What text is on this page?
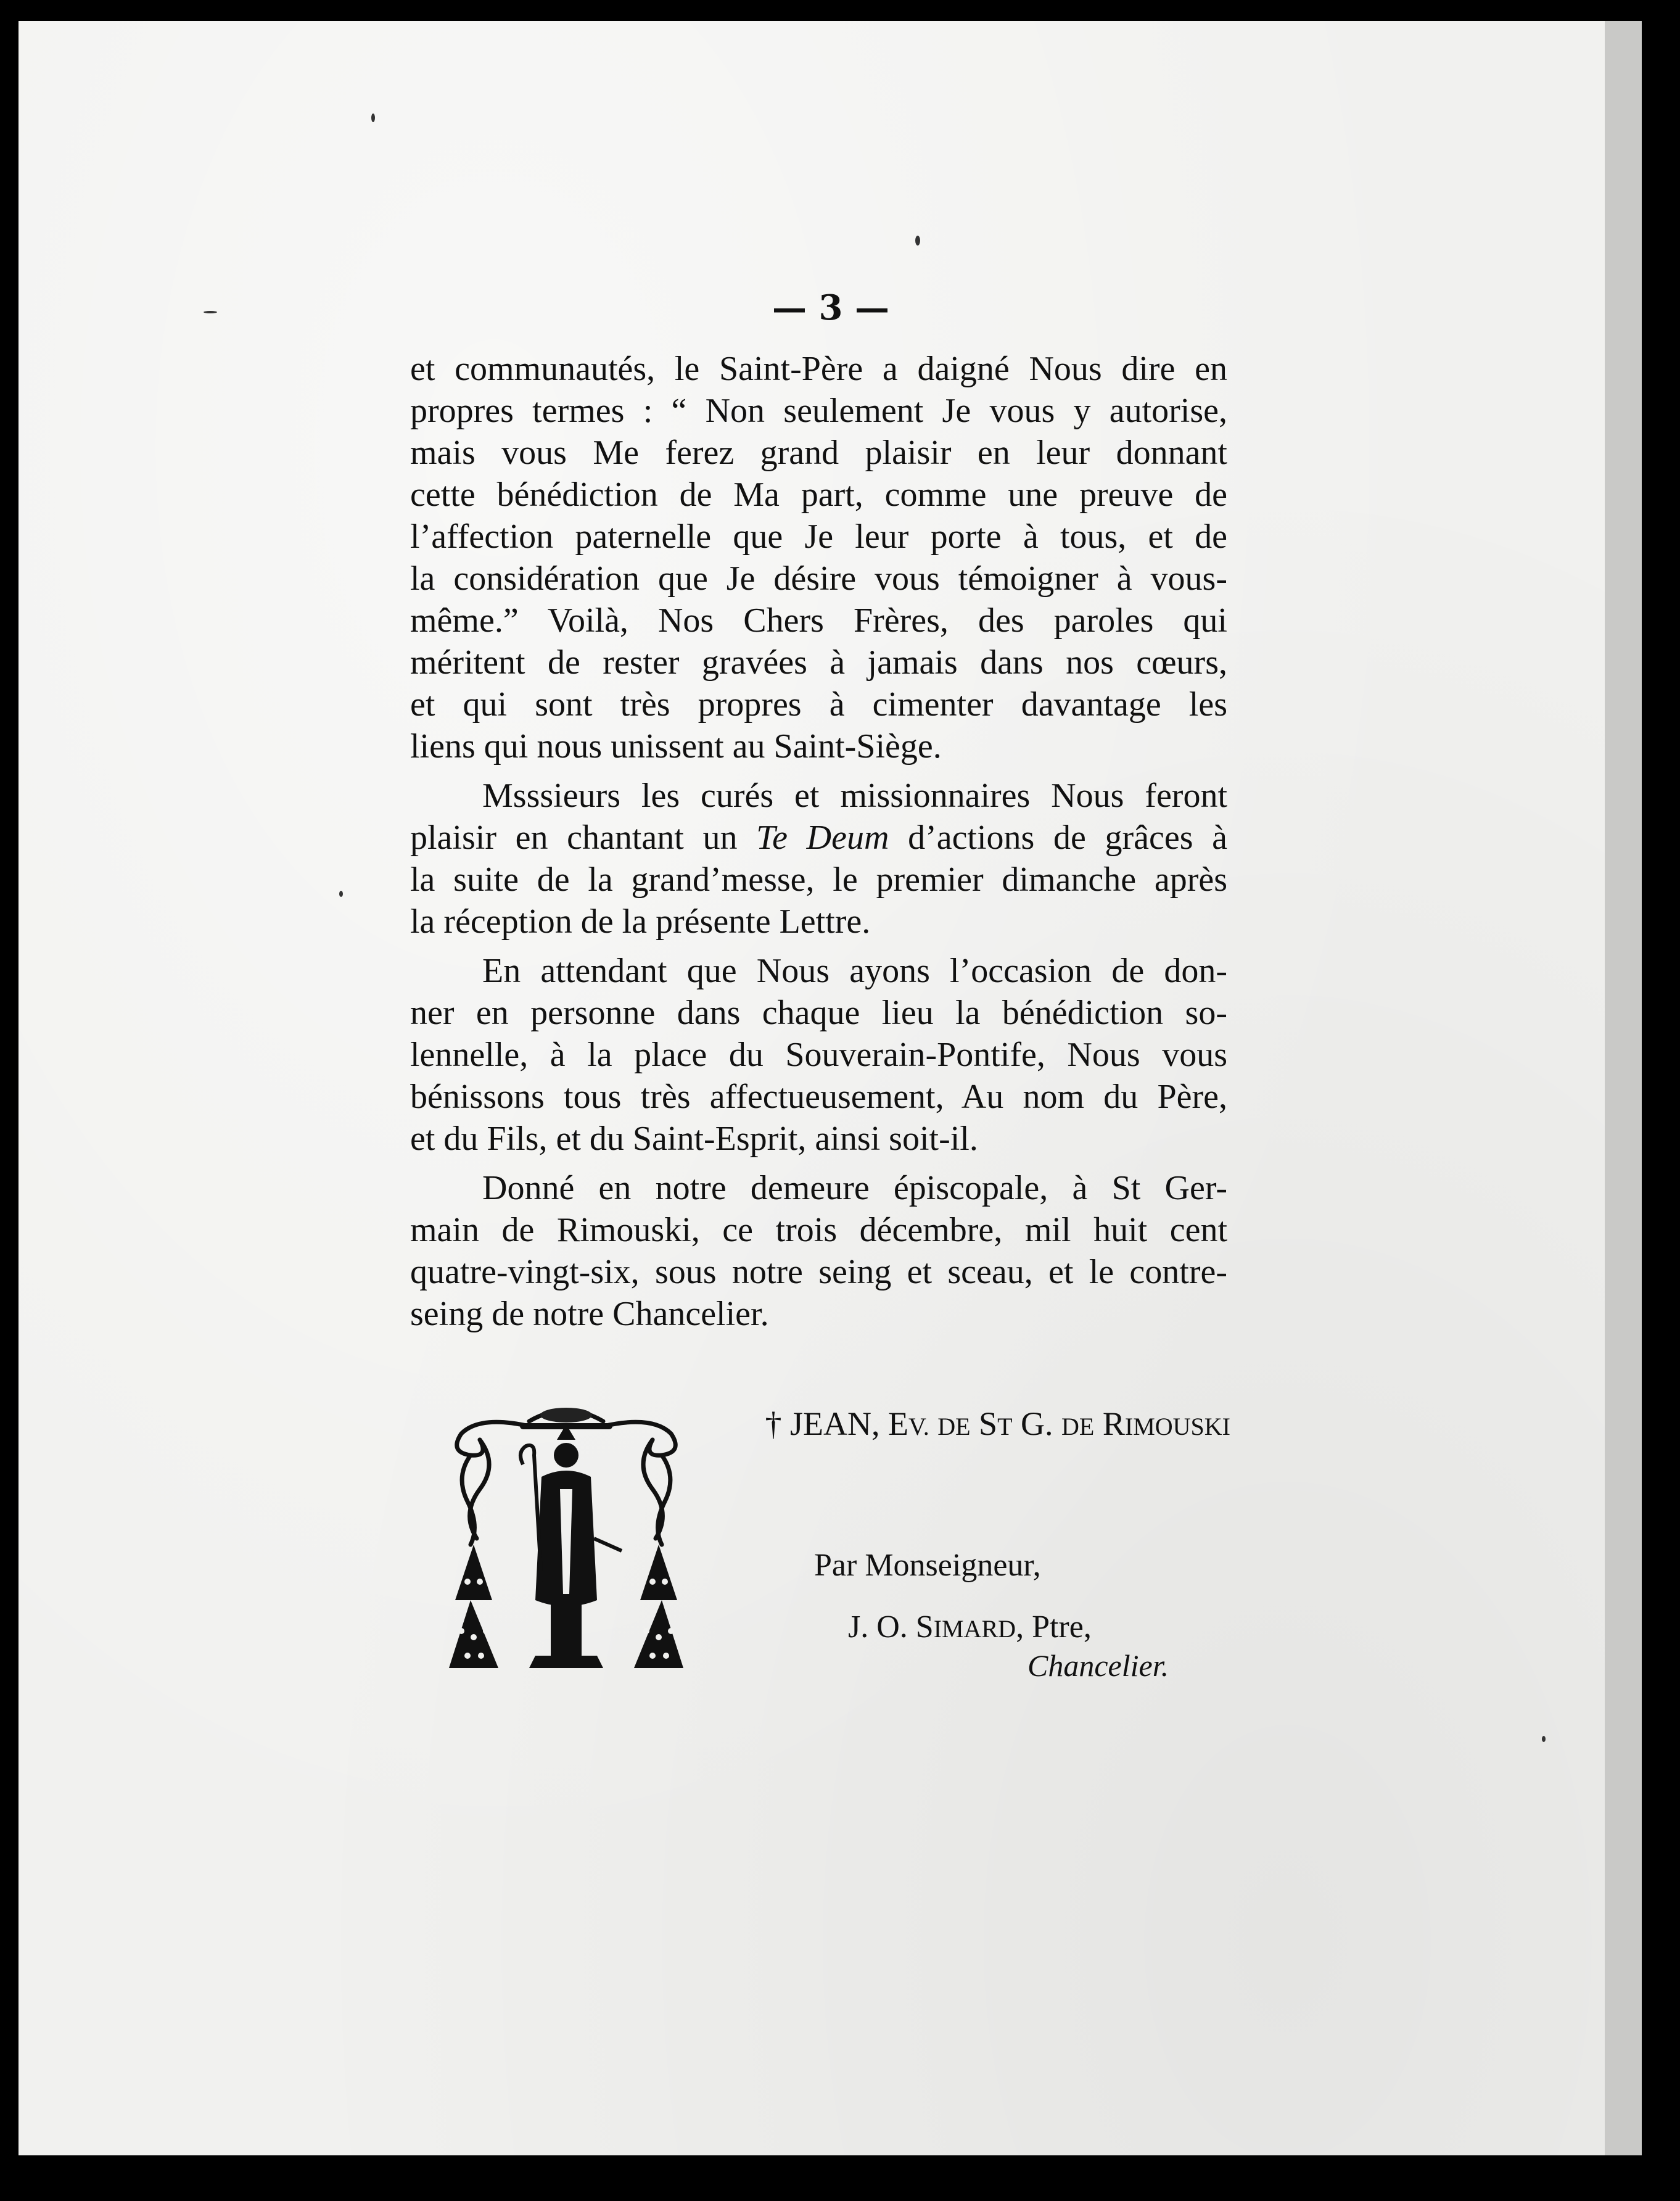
— 3 —
et communautés, le Saint-Père a daigné Nous dire en
propres termes : “ Non seulement Je vous y autorise,
mais vous Me ferez grand plaisir en leur donnant
cette bénédiction de Ma part, comme une preuve de
l’affection paternelle que Je leur porte à tous, et de
la considération que Je désire vous témoigner à vous-
même.” Voilà, Nos Chers Frères, des paroles qui
méritent de rester gravées à jamais dans nos cœurs,
et qui sont très propres à cimenter davantage les
liens qui nous unissent au Saint-Siège.
Msssieurs les curés et missionnaires Nous feront
plaisir en chantant un Te Deum d’actions de grâces à
la suite de la grand’messe, le premier dimanche après
la réception de la présente Lettre.
En attendant que Nous ayons l’occasion de don-
ner en personne dans chaque lieu la bénédiction so-
lennelle, à la place du Souverain-Pontife, Nous vous
bénissons tous très affectueusement, Au nom du Père,
et du Fils, et du Saint-Esprit, ainsi soit-il.
Donné en notre demeure épiscopale, à St Ger-
main de Rimouski, ce trois décembre, mil huit cent
quatre-vingt-six, sous notre seing et sceau, et le contre-
seing de notre Chancelier.
† JEAN, EV. DE ST G. DE RIMOUSKI
Par Monseigneur,
J. O. SIMARD, Ptre,
Chancelier.
